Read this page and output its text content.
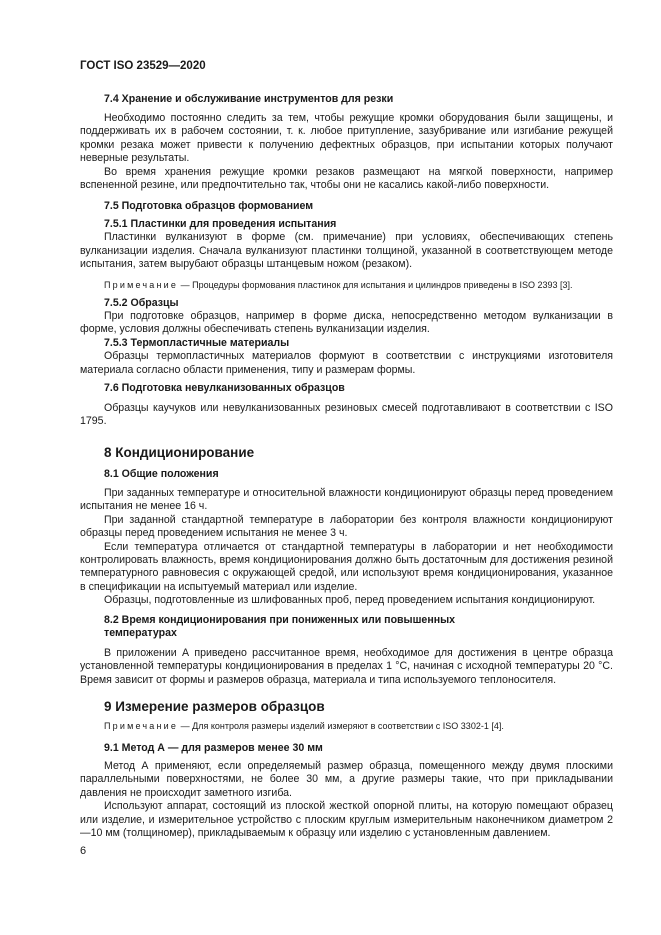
ГОСТ ISO 23529—2020

7.4 Хранение и обслуживание инструментов для резки

Необходимо постоянно следить за тем, чтобы режущие кромки оборудования были защищены, и поддерживать их в рабочем состоянии, т. к. любое притупление, зазубривание или изгибание режущей кромки резака может привести к получению дефектных образцов, при испытании которых получают неверные результаты.

Во время хранения режущие кромки резаков размещают на мягкой поверхности, например вспененной резине, или предпочтительно так, чтобы они не касались какой-либо поверхности.

7.5 Подготовка образцов формованием
7.5.1 Пластинки для проведения испытания

Пластинки вулканизуют в форме (см. примечание) при условиях, обеспечивающих степень вулканизации изделия. Сначала вулканизуют пластинки толщиной, указанной в соответствующем методе испытания, затем вырубают образцы штанцевым ножом (резаком).

Примечание — Процедуры формования пластинок для испытания и цилиндров приведены в ISO 2393 [3].

7.5.2 Образцы

При подготовке образцов, например в форме диска, непосредственно методом вулканизации в форме, условия должны обеспечивать степень вулканизации изделия.

7.5.3 Термопластичные материалы

Образцы термопластичных материалов формуют в соответствии с инструкциями изготовителя материала согласно области применения, типу и размерам формы.

7.6 Подготовка невулканизованных образцов

Образцы каучуков или невулканизованных резиновых смесей подготавливают в соответствии с ISO 1795.

8 Кондиционирование
8.1 Общие положения

При заданных температуре и относительной влажности кондиционируют образцы перед проведением испытания не менее 16 ч.

При заданной стандартной температуре в лаборатории без контроля влажности кондиционируют образцы перед проведением испытания не менее 3 ч.

Если температура отличается от стандартной температуры в лаборатории и нет необходимости контролировать влажность, время кондиционирования должно быть достаточным для достижения резиной температурного равновесия с окружающей средой, или используют время кондиционирования, указанное в спецификации на испытуемый материал или изделие.

Образцы, подготовленные из шлифованных проб, перед проведением испытания кондиционируют.

8.2 Время кондиционирования при пониженных или повышенных
температурах

В приложении А приведено рассчитанное время, необходимое для достижения в центре образца установленной температуры кондиционирования в пределах 1 °С, начиная с исходной температуры 20 °С. Время зависит от формы и размеров образца, материала и типа используемого теплоносителя.

9 Измерение размеров образцов

Примечание — Для контроля размеры изделий измеряют в соответствии с ISO 3302-1 [4].

9.1 Метод А — для размеров менее 30 мм

Метод А применяют, если определяемый размер образца, помещенного между двумя плоскими параллельными поверхностями, не более 30 мм, а другие размеры такие, что при прикладывании давления не происходит заметного изгиба.

Используют аппарат, состоящий из плоской жесткой опорной плиты, на которую помещают образец или изделие, и измерительное устройство с плоским круглым измерительным наконечником диаметром 2—10 мм (толщиномер), прикладываемым к образцу или изделию с установленным давлением.

6
